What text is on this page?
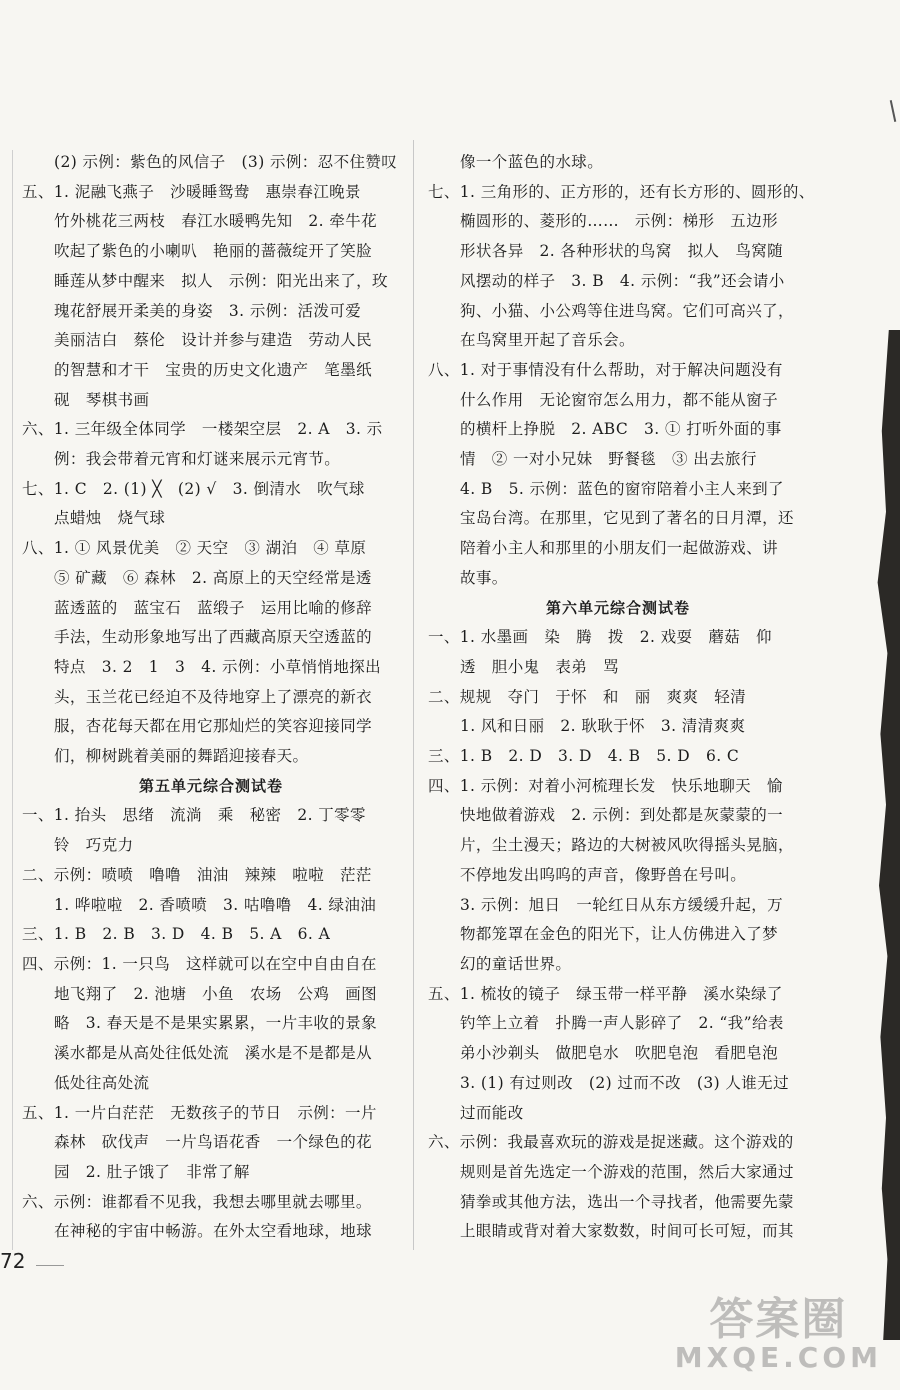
(2) 示例：紫色的风信子　(3) 示例：忍不住赞叹
五、1. 泥融飞燕子　沙暖睡鸳鸯　惠崇春江晚景
竹外桃花三两枝　春江水暖鸭先知　2. 牵牛花
吹起了紫色的小喇叭　艳丽的蔷薇绽开了笑脸
睡莲从梦中醒来　拟人　示例：阳光出来了，玫
瑰花舒展开柔美的身姿　3. 示例：活泼可爱
美丽洁白　蔡伦　设计并参与建造　劳动人民
的智慧和才干　宝贵的历史文化遗产　笔墨纸
砚　琴棋书画
六、1. 三年级全体同学　一楼架空层　2. A　3. 示
例：我会带着元宵和灯谜来展示元宵节。
七、1. C　2. (1) ╳　(2) √　3. 倒清水　吹气球
点蜡烛　烧气球
八、1. ① 风景优美　② 天空　③ 湖泊　④ 草原
⑤ 矿藏　⑥ 森林　2. 高原上的天空经常是透
蓝透蓝的　蓝宝石　蓝缎子　运用比喻的修辞
手法，生动形象地写出了西藏高原天空透蓝的
特点　3. 2　1　3　4. 示例：小草悄悄地探出
头，玉兰花已经迫不及待地穿上了漂亮的新衣
服，杏花每天都在用它那灿烂的笑容迎接同学
们，柳树跳着美丽的舞蹈迎接春天。
第五单元综合测试卷
一、1. 抬头　思绪　流淌　乘　秘密　2. 丁零零
铃　巧克力
二、示例：喷喷　噜噜　油油　辣辣　啦啦　茫茫
1. 哗啦啦　2. 香喷喷　3. 咕噜噜　4. 绿油油
三、1. B　2. B　3. D　4. B　5. A　6. A
四、示例：1. 一只鸟　这样就可以在空中自由自在
地飞翔了　2. 池塘　小鱼　农场　公鸡　画图
略　3. 春天是不是果实累累，一片丰收的景象
溪水都是从高处往低处流　溪水是不是都是从
低处往高处流
五、1. 一片白茫茫　无数孩子的节日　示例：一片
森林　砍伐声　一片鸟语花香　一个绿色的花
园　2. 肚子饿了　非常了解
六、示例：谁都看不见我，我想去哪里就去哪里。
在神秘的宇宙中畅游。在外太空看地球，地球
像一个蓝色的水球。
七、1. 三角形的、正方形的，还有长方形的、圆形的、
椭圆形的、菱形的……　示例：梯形　五边形
形状各异　2. 各种形状的鸟窝　拟人　鸟窝随
风摆动的样子　3. B　4. 示例：“我”还会请小
狗、小猫、小公鸡等住进鸟窝。它们可高兴了，
在鸟窝里开起了音乐会。
八、1. 对于事情没有什么帮助，对于解决问题没有
什么作用　无论窗帘怎么用力，都不能从窗子
的横杆上挣脱　2. ABC　3. ① 打听外面的事
情　② 一对小兄妹　野餐毯　③ 出去旅行
4. B　5. 示例：蓝色的窗帘陪着小主人来到了
宝岛台湾。在那里，它见到了著名的日月潭，还
陪着小主人和那里的小朋友们一起做游戏、讲
故事。
第六单元综合测试卷
一、1. 水墨画　染　腾　拨　2. 戏耍　蘑菇　仰
透　胆小鬼　表弟　骂
二、规规　夺门　于怀　和　丽　爽爽　轻清
1. 风和日丽　2. 耿耿于怀　3. 清清爽爽
三、1. B　2. D　3. D　4. B　5. D　6. C
四、1. 示例：对着小河梳理长发　快乐地聊天　愉
快地做着游戏　2. 示例：到处都是灰蒙蒙的一
片，尘土漫天；路边的大树被风吹得摇头晃脑，
不停地发出呜呜的声音，像野兽在号叫。
3. 示例：旭日　一轮红日从东方缓缓升起，万
物都笼罩在金色的阳光下，让人仿佛进入了梦
幻的童话世界。
五、1. 梳妆的镜子　绿玉带一样平静　溪水染绿了
钓竿上立着　扑腾一声人影碎了　2. “我”给表
弟小沙剃头　做肥皂水　吹肥皂泡　看肥皂泡
3. (1) 有过则改　(2) 过而不改　(3) 人谁无过
过而能改
六、示例：我最喜欢玩的游戏是捉迷藏。这个游戏的
规则是首先选定一个游戏的范围，然后大家通过
猜拳或其他方法，选出一个寻找者，他需要先蒙
上眼睛或背对着大家数数，时间可长可短，而其
72
答案圈
MXQE.COM
